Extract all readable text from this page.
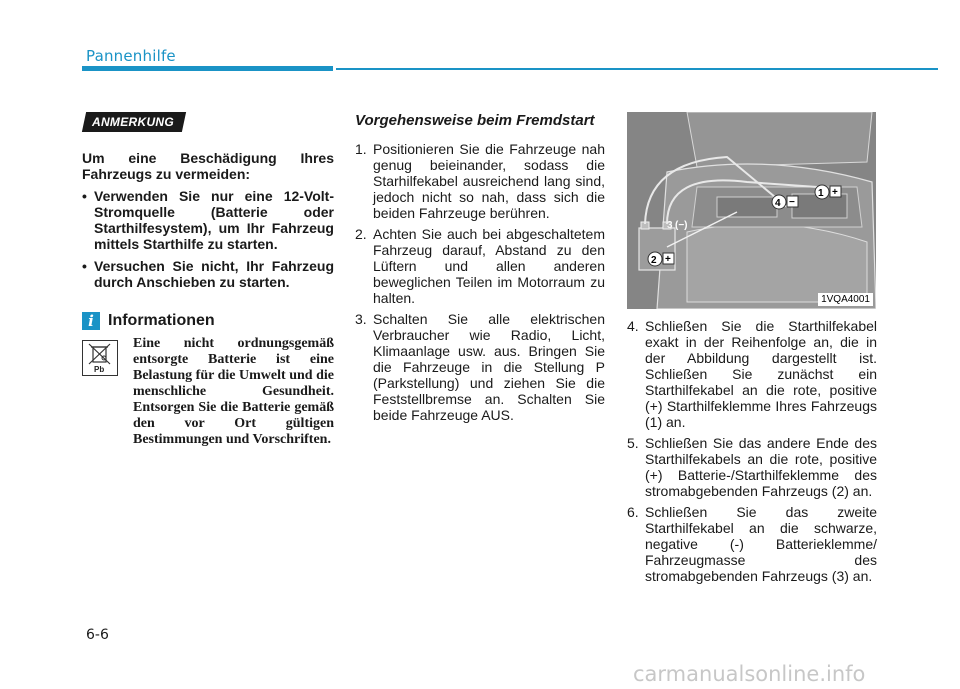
Pannenhilfe
ANMERKUNG
Um eine Beschädigung Ihres Fahrzeugs zu vermeiden:
• Verwenden Sie nur eine 12-Volt-Stromquelle (Batterie oder Starthilfesystem), um Ihr Fahrzeug mittels Starthilfe zu starten.
• Versuchen Sie nicht, Ihr Fahrzeug durch Anschieben zu starten.
i Informationen
Pb
Eine nicht ordnungsgemäß entsorgte Batterie ist eine Belastung für die Umwelt und die menschliche Gesundheit. Entsorgen Sie die Batterie gemäß den vor Ort gültigen Bestimmungen und Vorschriften.
Vorgehensweise beim Fremdstart
1. Positionieren Sie die Fahrzeuge nah genug beieinander, sodass die Starhilfekabel ausreichend lang sind, jedoch nicht so nah, dass sich die beiden Fahrzeuge berühren.
2. Achten Sie auch bei abgeschaltetem Fahrzeug darauf, Abstand zu den Lüftern und allen anderen beweglichen Teilen im Motorraum zu halten.
3. Schalten Sie alle elektrischen Verbraucher wie Radio, Licht, Klimaanlage usw. aus. Bringen Sie die Fahrzeuge in die Stellung P (Parkstellung) und ziehen Sie die Feststellbremse an. Schalten Sie beide Fahrzeuge AUS.
1 +
4 −
3 (−)
2 +
1VQA4001
4. Schließen Sie die Starthilfekabel exakt in der Reihenfolge an, die in der Abbildung dargestellt ist. Schließen Sie zunächst ein Starthilfekabel an die rote, positive (+) Starthilfeklemme Ihres Fahrzeugs (1) an.
5. Schließen Sie das andere Ende des Starthilfekabels an die rote, positive (+) Batterie-/Starthilfeklemme des stromabgebenden Fahrzeugs (2) an.
6. Schließen Sie das zweite Starthilfekabel an die schwarze, negative (-) Batterieklemme/ Fahrzeugmasse des stromabgebenden Fahrzeugs (3) an.
6-6
carmanualsonline.info
